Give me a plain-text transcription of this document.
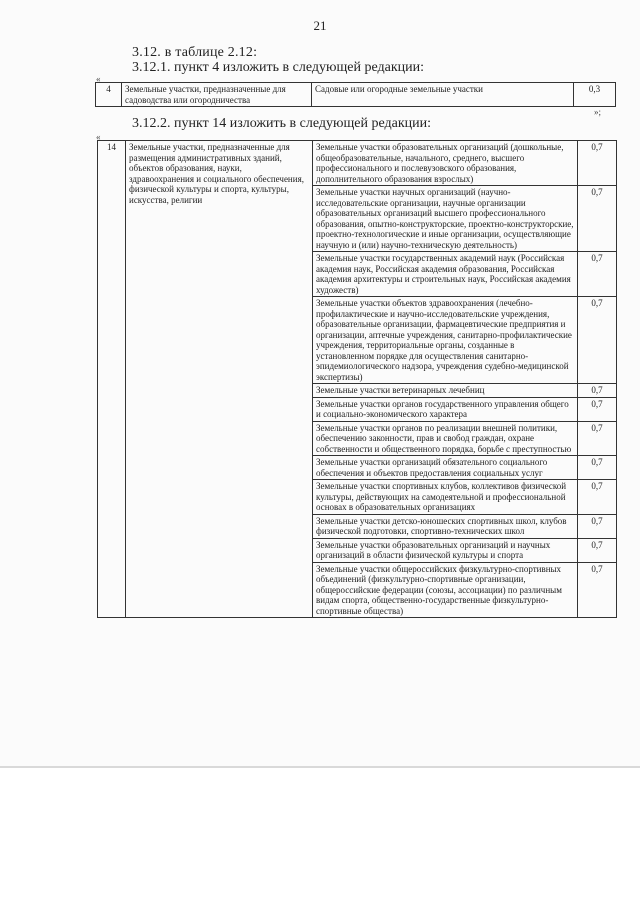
21
3.12. в таблице 2.12:
3.12.1. пункт 4 изложить в следующей редакции:
«
4	Земельные участки, предназначенные для садоводства или огородничества	Садовые или огородные земельные участки	0,3
»;
3.12.2. пункт 14 изложить в следующей редакции:
«
14	Земельные участки, предназначенные для размещения административных зданий, объектов образования, науки, здравоохранения и социального обеспечения, физической культуры и спорта, культуры, искусства, религии	Земельные участки образовательных организаций (дошкольные, общеобразовательные, начального, среднего, высшего профессионального и послевузовского образования, дополнительного образования взрослых)	0,7
		Земельные участки научных организаций (научно-исследовательские организации, научные организации образовательных организаций высшего профессионального образования, опытно-конструкторские, проектно-конструкторские, проектно-технологические и иные организации, осуществляющие научную и (или) научно-техническую деятельность)	0,7
		Земельные участки государственных академий наук (Российская академия наук, Российская академия образования, Российская академия архитектуры и строительных наук, Российская академия художеств)	0,7
		Земельные участки объектов здравоохранения (лечебно-профилактические и научно-исследовательские учреждения, образовательные организации, фармацевтические предприятия и организации, аптечные учреждения, санитарно-профилактические учреждения, территориальные органы, созданные в установленном порядке для осуществления санитарно-эпидемиологического надзора, учреждения судебно-медицинской экспертизы)	0,7
		Земельные участки ветеринарных лечебниц	0,7
		Земельные участки органов государственного управления общего и социально-экономического характера	0,7
		Земельные участки органов по реализации внешней политики, обеспечению законности, прав и свобод граждан, охране собственности и общественного порядка, борьбе с преступностью	0,7
		Земельные участки организаций обязательного социального обеспечения и объектов предоставления социальных услуг	0,7
		Земельные участки спортивных клубов, коллективов физической культуры, действующих на самодеятельной и профессиональной основах в образовательных организациях	0,7
		Земельные участки детско-юношеских спортивных школ, клубов физической подготовки, спортивно-технических школ	0,7
		Земельные участки образовательных организаций и научных организаций в области физической культуры и спорта	0,7
		Земельные участки общероссийских физкультурно-спортивных объединений (физкультурно-спортивные организации, общероссийские федерации (союзы, ассоциации) по различным видам спорта, общественно-государственные физкультурно-спортивные общества)	0,7
